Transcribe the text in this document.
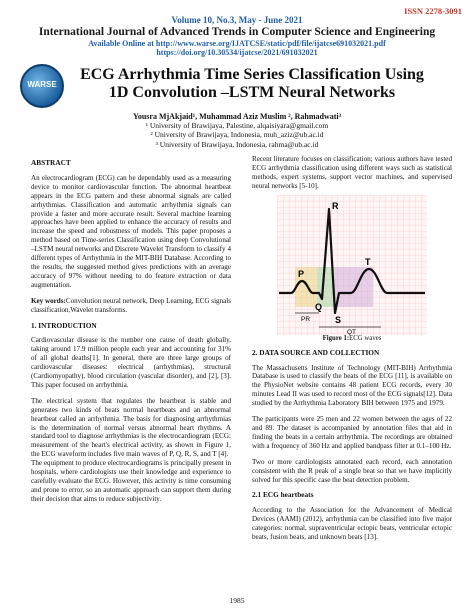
ISSN 2278-3091
Volume 10, No.3, May - June 2021
International Journal of Advanced Trends in Computer Science and Engineering
Available Online at http://www.warse.org/IJATCSE/static/pdf/file/ijatcse691032021.pdf
https://doi.org/10.30534/ijatcse/2021/691032021
WARSE
ECG Arrhythmia Time Series Classification Using 1D Convolution –LSTM Neural Networks
Yousra MjAkjaid¹, Muhammad Aziz Muslim ², Rahmadwati³
¹ University of Brawijaya, Palestine, alqaisiyara@gmail.com
² University of Brawijaya, Indonesia, muh_aziz@ub.ac.id
³ University of Brawijaya, Indonesia, rahma@ub.ac.id
ABSTRACT
An electrocardiogram (ECG) can be dependably used as a measuring device to monitor cardiovascular function. The abnormal heartbeat appears in the ECG pattern and these abnormal signals are called arrhythmias. Classification and automatic arrhythmia signals can provide a faster and more accurate result. Several machine learning approaches have been applied to enhance the accuracy of results and increase the speed and robustness of models. This paper proposes a method based on Time-series Classification using deep Convolutional –LSTM neural networks and Discrete Wavelet Transform to classify 4 different types of Arrhythmia in the MIT-BIH Database. According to the results, the suggested method gives predictions with an average accuracy of 97% without needing to do feature extraction or data augmentation.
Key words:Convolution neural network, Deep Learning, ECG signals classification,Wavelet transforms.
1. INTRODUCTION
Cardiovascular disease is the number one cause of death globally, taking around 17.9 million people each year and accounting for 31% of all global deaths[1]. In general, there are three large groups of cardiovascular diseases: electrical (arrhythmias), structural (Cardiomyopathy), blood circulation (vascular disorder), and [2], [3]. This paper focused on arrhythmia.
The electrical system that regulates the heartbeat is stable and generates two kinds of beats normal heartbeats and an abnormal heartbeat called an arrhythmia. The basis for diagnosing arrhythmias is the determination of normal versus abnormal heart rhythms. A standard tool to diagnose arrhythmias is the electrocardiogram (ECG: measurement of the heart's electrical activity, as shown in Figure 1, the ECG waveform includes five main waves of P, Q, R, S, and T [4].
The equipment to produce electrocardiograms is principally present in hospitals, where cardiologists use their knowledge and experience to carefully evaluate the ECG. However, this activity is time consuming and prone to error, so an automatic approach can support them during their decision that aims to reduce subjectivity.
Recent literature focuses on classification; various authors have tested ECG arrhythmia classification using different ways such as statistical methods, expert systems, support vector machines, and supervised neural networks [5-10].
R
P
Q
S
T
PR
QT
Figure 1:ECG waves
2. DATA SOURCE AND COLLECTION
The Massachusetts Institute of Technology (MIT-BIH) Arrhythmia Database is used to classify the beats of the ECG [11], is available on the PhysioNet website contains 48 patient ECG records, every 30 minutes Lead II was used to record most of the ECG signals[12]. Data studied by the Arrhythmia Laboratory BIH between 1975 and 1979.
The participants were 25 men and 22 women between the ages of 22 and 89. The dataset is accompanied by annotation files that aid in finding the beats in a certain arrhythmia. The recordings are obtained with a frequency of 360 Hz and applied bandpass filter at 0.1–100 Hz.
Two or more cardiologists annotated each record, each annotation consistent with the R peak of a single beat so that we have implicitly solved for this specific case the beat detection problem.
2.1 ECG heartbeats
According to the Association for the Advancement of Medical Devices (AAMI) (2012), arrhythmia can be classified into five major categories: normal, supraventricular ectopic beats, ventricular ectopic beats, fusion beats, and unknown beats [13].
1985
